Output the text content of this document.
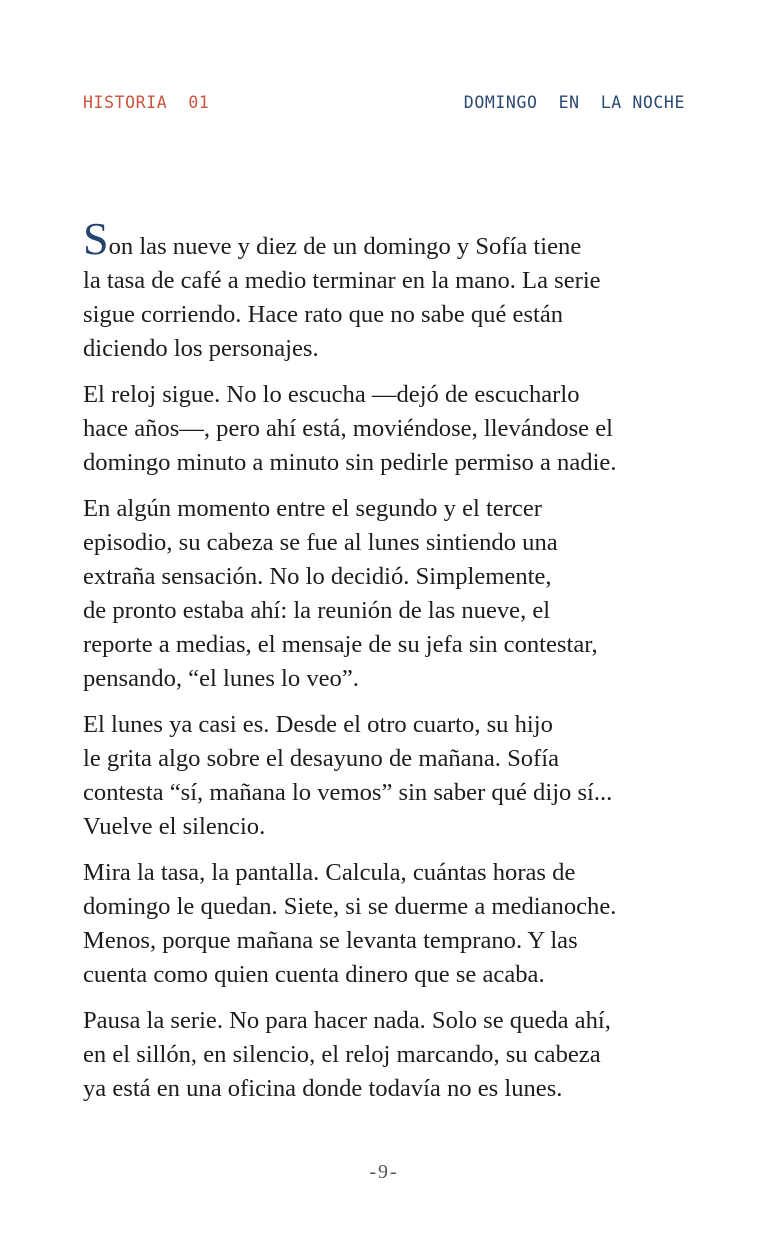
HISTORIA  01

	DOMINGO  EN  LA NOCHE

Son las nueve y diez de un domingo y Sofía tiene
la tasa de café a medio terminar en la mano. La serie
sigue corriendo. Hace rato que no sabe qué están
diciendo los personajes.

El reloj sigue. No lo escucha —dejó de escucharlo
hace años—, pero ahí está, moviéndose, llevándose el
domingo minuto a minuto sin pedirle permiso a nadie.

En algún momento entre el segundo y el tercer
episodio, su cabeza se fue al lunes sintiendo una
extraña sensación. No lo decidió. Simplemente,
de pronto estaba ahí: la reunión de las nueve, el
reporte a medias, el mensaje de su jefa sin contestar,
pensando, “el lunes lo veo”.

El lunes ya casi es. Desde el otro cuarto, su hijo
le grita algo sobre el desayuno de mañana. Sofía
contesta “sí, mañana lo vemos” sin saber qué dijo sí...
Vuelve el silencio.

Mira la tasa, la pantalla. Calcula, cuántas horas de
domingo le quedan. Siete, si se duerme a medianoche.
Menos, porque mañana se levanta temprano. Y las
cuenta como quien cuenta dinero que se acaba.

Pausa la serie. No para hacer nada. Solo se queda ahí,
en el sillón, en silencio, el reloj marcando, su cabeza
ya está en una oficina donde todavía no es lunes.

-9-
